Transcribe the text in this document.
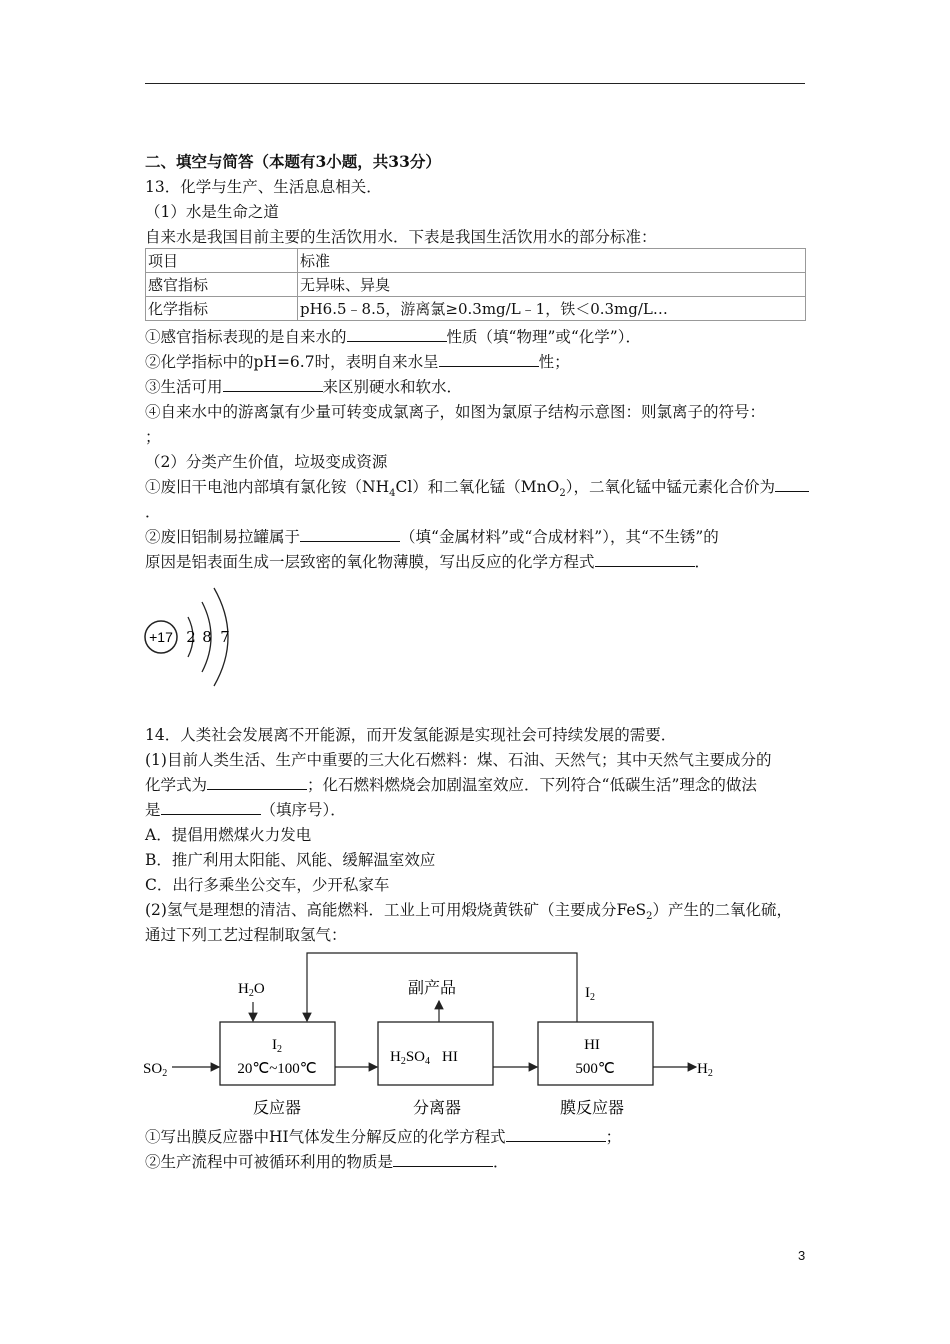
二、填空与简答（本题有3小题，共33分）
13．化学与生产、生活息息相关．
（1）水是生命之道
自来水是我国目前主要的生活饮用水．下表是我国生活饮用水的部分标准：
项目	标准
感官指标	无异味、异臭
化学指标	pH6.5﹣8.5，游离氯≥0.3mg/L﹣1，铁＜0.3mg/L…
①感官指标表现的是自来水的	性质（填“物理”或“化学”）．
②化学指标中的pH=6.7时，表明自来水呈	性；
③生活可用	来区别硬水和软水．
④自来水中的游离氯有少量可转变成氯离子，如图为氯原子结构示意图：则氯离子的符号：
；
（2）分类产生价值，垃圾变成资源
①废旧干电池内部填有氯化铵$(NH_4Cl)$和二氧化锰（MnO$_2$），二氧化锰中锰元素化合价为
．
②废旧铝制易拉罐属于	（填“金属材料”或“合成材料”），其“不生锈”的
原因是铝表面生成一层致密的氧化物薄膜，写出反应的化学方程式	．
+17 2 8 7
14．人类社会发展离不开能源，而开发氢能源是实现社会可持续发展的需要．
(1)目前人类生活、生产中重要的三大化石燃料：煤、石油、天然气；其中天然气主要成分的
化学式为	；化石燃料燃烧会加剧温室效应．下列符合“低碳生活”理念的做法
是	（填序号）．
A．提倡用燃煤火力发电
B．推广利用太阳能、风能、缓解温室效应
C．出行多乘坐公交车，少开私家车
(2)氢气是理想的清洁、高能燃料．工业上可用煅烧黄铁矿（主要成分FeS$_2$）产生的二氧化硫，
通过下列工艺过程制取氢气：
$SO_2$
$H_2O$	副产品	$I_2$
$I_2$
20℃~100℃
$H_2SO_4$ HI
HI
500℃	$H_2$
反应器	分离器	膜反应器
①写出膜反应器中HI气体发生分解反应的化学方程式	；
②生产流程中可被循环利用的物质是	．
3
